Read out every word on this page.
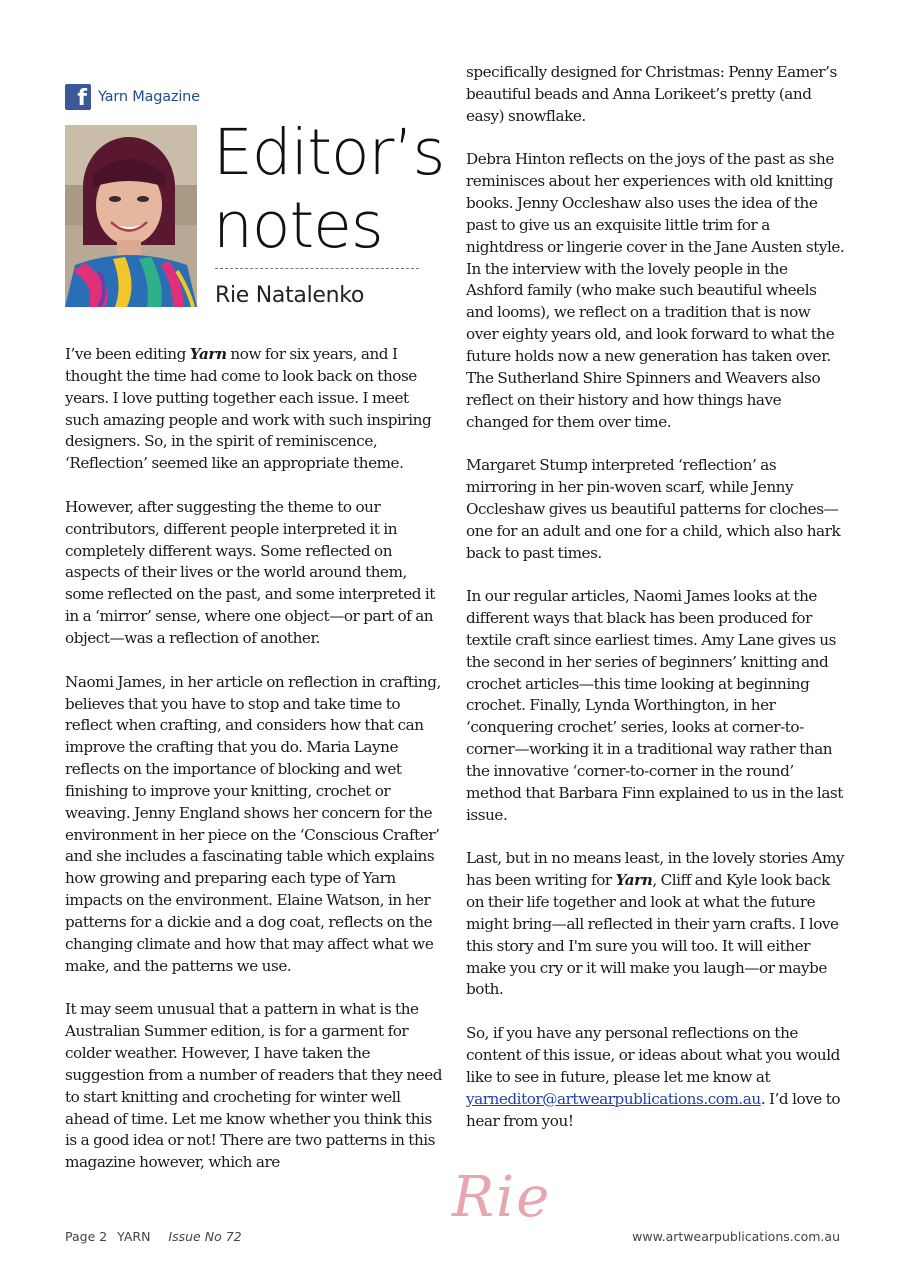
f Yarn Magazine
Editor’s
notes
Rie Natalenko

I’ve been editing Yarn now for six years, and I thought the time had come to look back on those years. I love putting together each issue. I meet such amazing people and work with such inspiring designers. So, in the spirit of reminiscence, ‘Reflection’ seemed like an appropriate theme.

However, after suggesting the theme to our contributors, different people interpreted it in completely different ways. Some reflected on aspects of their lives or the world around them, some reflected on the past, and some interpreted it in a ‘mirror’ sense, where one object—or part of an object—was a reflection of another.

Naomi James, in her article on reflection in crafting, believes that you have to stop and take time to reflect when crafting, and considers how that can improve the crafting that you do. Maria Layne reflects on the importance of blocking and wet finishing to improve your knitting, crochet or weaving. Jenny England shows her concern for the environment in her piece on the ‘Conscious Crafter’ and she includes a fascinating table which explains how growing and preparing each type of Yarn impacts on the environment. Elaine Watson, in her patterns for a dickie and a dog coat, reflects on the changing climate and how that may affect what we make, and the patterns we use.

It may seem unusual that a pattern in what is the Australian Summer edition, is for a garment for colder weather. However, I have taken the suggestion from a number of readers that they need to start knitting and crocheting for winter well ahead of time. Let me know whether you think this is a good idea or not! There are two patterns in this magazine however, which are

specifically designed for Christmas: Penny Eamer’s beautiful beads and Anna Lorikeet’s pretty (and easy) snowflake.

Debra Hinton reflects on the joys of the past as she reminisces about her experiences with old knitting books. Jenny Occleshaw also uses the idea of the past to give us an exquisite little trim for a nightdress or lingerie cover in the Jane Austen style. In the interview with the lovely people in the Ashford family (who make such beautiful wheels and looms), we reflect on a tradition that is now over eighty years old, and look forward to what the future holds now a new generation has taken over. The Sutherland Shire Spinners and Weavers also reflect on their history and how things have changed for them over time.

Margaret Stump interpreted ‘reflection’ as mirroring in her pin-woven scarf, while Jenny Occleshaw gives us beautiful patterns for cloches—one for an adult and one for a child, which also hark back to past times.

In our regular articles, Naomi James looks at the different ways that black has been produced for textile craft since earliest times. Amy Lane gives us the second in her series of beginners’ knitting and crochet articles—this time looking at beginning crochet. Finally, Lynda Worthington, in her ‘conquering crochet’ series, looks at corner-to-corner—working it in a traditional way rather than the innovative ‘corner-to-corner in the round’ method that Barbara Finn explained to us in the last issue.

Last, but in no means least, in the lovely stories Amy has been writing for Yarn, Cliff and Kyle look back on their life together and look at what the future might bring—all reflected in their yarn crafts. I love this story and I'm sure you will too. It will either make you cry or it will make you laugh—or maybe both.

So, if you have any personal reflections on the content of this issue, or ideas about what you would like to see in future, please let me know at yarneditor@artwearpublications.com.au. I’d love to hear from you!

Rie
Page 2 YARN Issue No 72	www.artwearpublications.com.au
